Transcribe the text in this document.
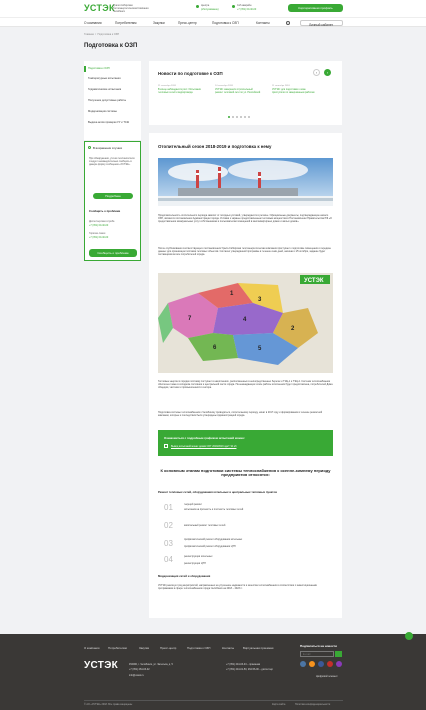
УСТЭК
Урало-Сибирская Теплоэнергетическая Компания Челябинск
Центра
(обслуживание)
Соб.аварийн.
+7 (351) 00-40-00	Корпоративная профиль
О компании	Потребителям	Закупки	Пресс-центр	Подготовка к ОЗП	Контакты
Личный кабинет
Главная  /  Подготовка к ОЗП
Подготовка к ОЗП
Подготовка к ОЗП
Температурные испытания
Гидравлические испытания
Получение допустимые работы
Модернизация системы
Выдача актов проверки УУ и ТСЖ
В возражения случаях
При обнаружении, утечки теплоносителя следует незамедлительно сообщить в данную форму сообщения «УСТЭК».
Подробнее
Сообщить о проблеме
Диспетчерская служба
+7 (351) 00-40-00
Горячая линия
+7 (351) 00-40-00
Сообщить о проблеме
Новости по подготовке к ОЗП	‹	›
21 сентября 2018
В конце наблюдается рост. Испытания тепловых сетей и водопровода
14 сентября 2018
УСТЭК: завершили строительный ремонт тепловой сети по ул. Российской
11 сентября 2018
УСТЭК: для подготовки к зиме приступили по завершённым работам
Отопительный сезон 2018-2019 и подготовка к нему
Продолжительность отопительного периода зависит от погодных условий, утверждается в регионе. Официальные документы, подтверждающие начало ОЗП, являются постановления Администрации города. Условия к заранее предоставленным тепловым мощностям в Постановлении Правительства РФ «О предоставлении коммунальных услуг собственникам и пользователям помещений в многоквартирных домах и жилых домов».
После опубликования соответствующего постановления Урало-Сибирская теплоэнергетическая компания приступает к подготовке помещения и передаче данных для организации поставки тепловых объектов. Согласно утверждённой программе в течение семи дней, начиная с 25 октября, задание будет поставщиков во все потребителей города.
7
1
3
4
2
6	5
УСТЭК
Тепловые энергии в городах поставку поступает в накоплениях, расположенных в непосредственных берегах и ТЭЦ-1 и ТЭЦ-2. Система теплоснабжения обеспечен также в холодном состоянии и центральной части города. На немеждающих этапе работы исполнения будет предоставлена, потребителей Дома общедом, частники и промышленности сектора.
Подготовка системы теплоснабжения к Челябинску проводиться, отопительному периоду, начат в 2017 году и формирования в течение ремонтной кампании, которые и последствия были утверждены Администрацией города.
Ознакомиться с подробным графиком испытаний можно:
Вывод испытаний монах домов СОТ 2018/2019 зда?, 94 кб
К основным этапам подготовки системы теплоснабжения к осенне-зимнему периоду предприятия относятся:
Ремонт тепловых сетей, оборудования котельных и центральных тепловых пунктов
01	текущий ремонт
испытания на прочность и плотность тепловых сетей
02	капитальный ремонт тепловых сетей
03	профилактический ремонт оборудования котельных
профилактический ремонт оборудования ЦТП
04	реконструкция котельных
реконструкция ЦТП
Модернизация сетей и оборудования
УСТЭК реализует ряд мероприятий, направленных на улучшение надёжности и качества теплоснабжения в соответствии с инвестиционными программами в сфере теплоснабжения города Челябинск на 2018 – 2023 гг.
О компании	Потребителям	Закупки	Пресс-центр	Подготовка к ОЗП	Контакты	Виртуальная приемная
УСТЭК	454000, г. Челябинск, ул. Энгельса, д. 5
+7 (351) 264-03-02
info@ustek.ru
+7 (351) 244-03-04 – приемная
+7 (351) 244-01-50, 264-56-00 – диспетчер
Подписаться на новости
E-mail
Цифровой элемент
© АО «УСТЭК» 2018. Все права защищены	Карта сайта	Политика конфиденциальности
